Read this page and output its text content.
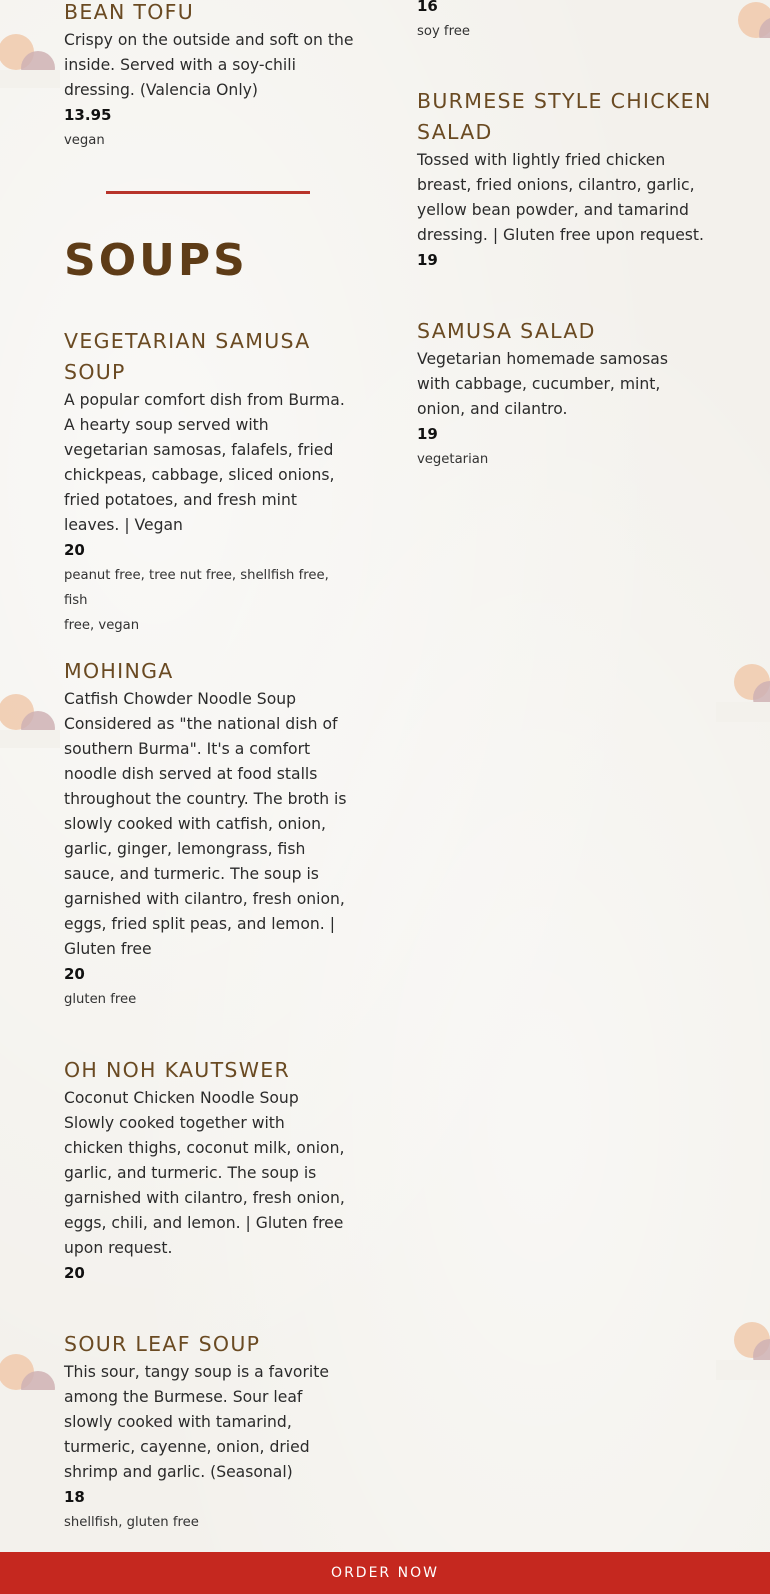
BEAN TOFU
Crispy on the outside and soft on the
inside. Served with a soy-chili
dressing. (Valencia Only)
13.95
vegan
SOUPS
VEGETARIAN SAMUSA
SOUP
A popular comfort dish from Burma.
A hearty soup served with
vegetarian samosas, falafels, fried
chickpeas, cabbage, sliced onions,
fried potatoes, and fresh mint
leaves. | Vegan
20
peanut free, tree nut free, shellfish free, fish
free, vegan
MOHINGA
Catfish Chowder Noodle Soup
Considered as "the national dish of
southern Burma". It's a comfort
noodle dish served at food stalls
throughout the country. The broth is
slowly cooked with catfish, onion,
garlic, ginger, lemongrass, fish
sauce, and turmeric. The soup is
garnished with cilantro, fresh onion,
eggs, fried split peas, and lemon. |
Gluten free
20
gluten free
OH NOH KAUTSWER
Coconut Chicken Noodle Soup
Slowly cooked together with
chicken thighs, coconut milk, onion,
garlic, and turmeric. The soup is
garnished with cilantro, fresh onion,
eggs, chili, and lemon. | Gluten free
upon request.
20
SOUR LEAF SOUP
This sour, tangy soup is a favorite
among the Burmese. Sour leaf
slowly cooked with tamarind,
turmeric, cayenne, onion, dried
shrimp and garlic. (Seasonal)
18
shellfish, gluten free
16
soy free
BURMESE STYLE CHICKEN
SALAD
Tossed with lightly fried chicken
breast, fried onions, cilantro, garlic,
yellow bean powder, and tamarind
dressing. | Gluten free upon request.
19
SAMUSA SALAD
Vegetarian homemade samosas
with cabbage, cucumber, mint,
onion, and cilantro.
19
vegetarian
ORDER NOW
